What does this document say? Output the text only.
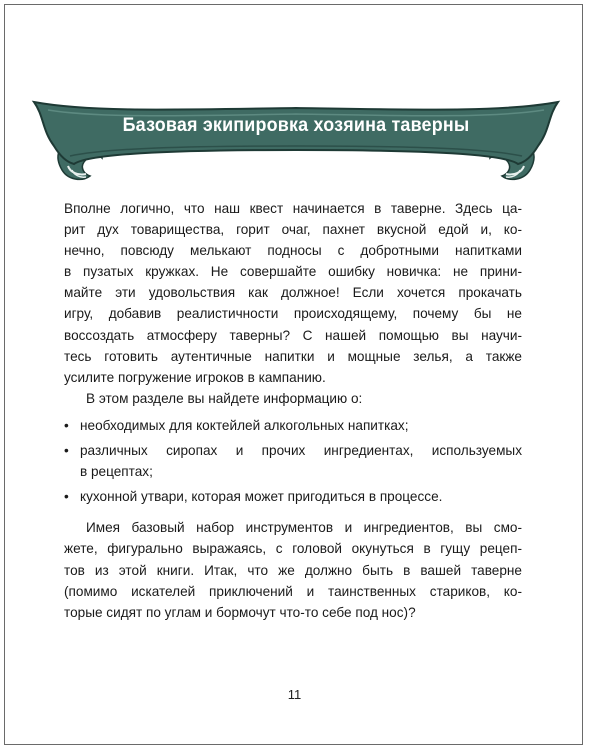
Базовая экипировка хозяина таверны

Вполне логично, что наш квест начинается в таверне. Здесь ца-
рит дух товарищества, горит очаг, пахнет вкусной едой и, ко-
нечно, повсюду мелькают подносы с добротными напитками
в пузатых кружках. Не совершайте ошибку новичка: не прини-
майте эти удовольствия как должное! Если хочется прокачать
игру, добавив реалистичности происходящему, почему бы не
воссоздать атмосферу таверны? С нашей помощью вы научи-
тесь готовить аутентичные напитки и мощные зелья, а также
усилите погружение игроков в кампанию.

В этом разделе вы найдете информацию о:

• необходимых для коктейлей алкогольных напитках;
• различных сиропах и прочих ингредиентах, используемых
в рецептах;
• кухонной утвари, которая может пригодиться в процессе.

Имея базовый набор инструментов и ингредиентов, вы смо-
жете, фигурально выражаясь, с головой окунуться в гущу рецеп-
тов из этой книги. Итак, что же должно быть в вашей таверне
(помимо искателей приключений и таинственных стариков, ко-
торые сидят по углам и бормочут что-то себе под нос)?

11
